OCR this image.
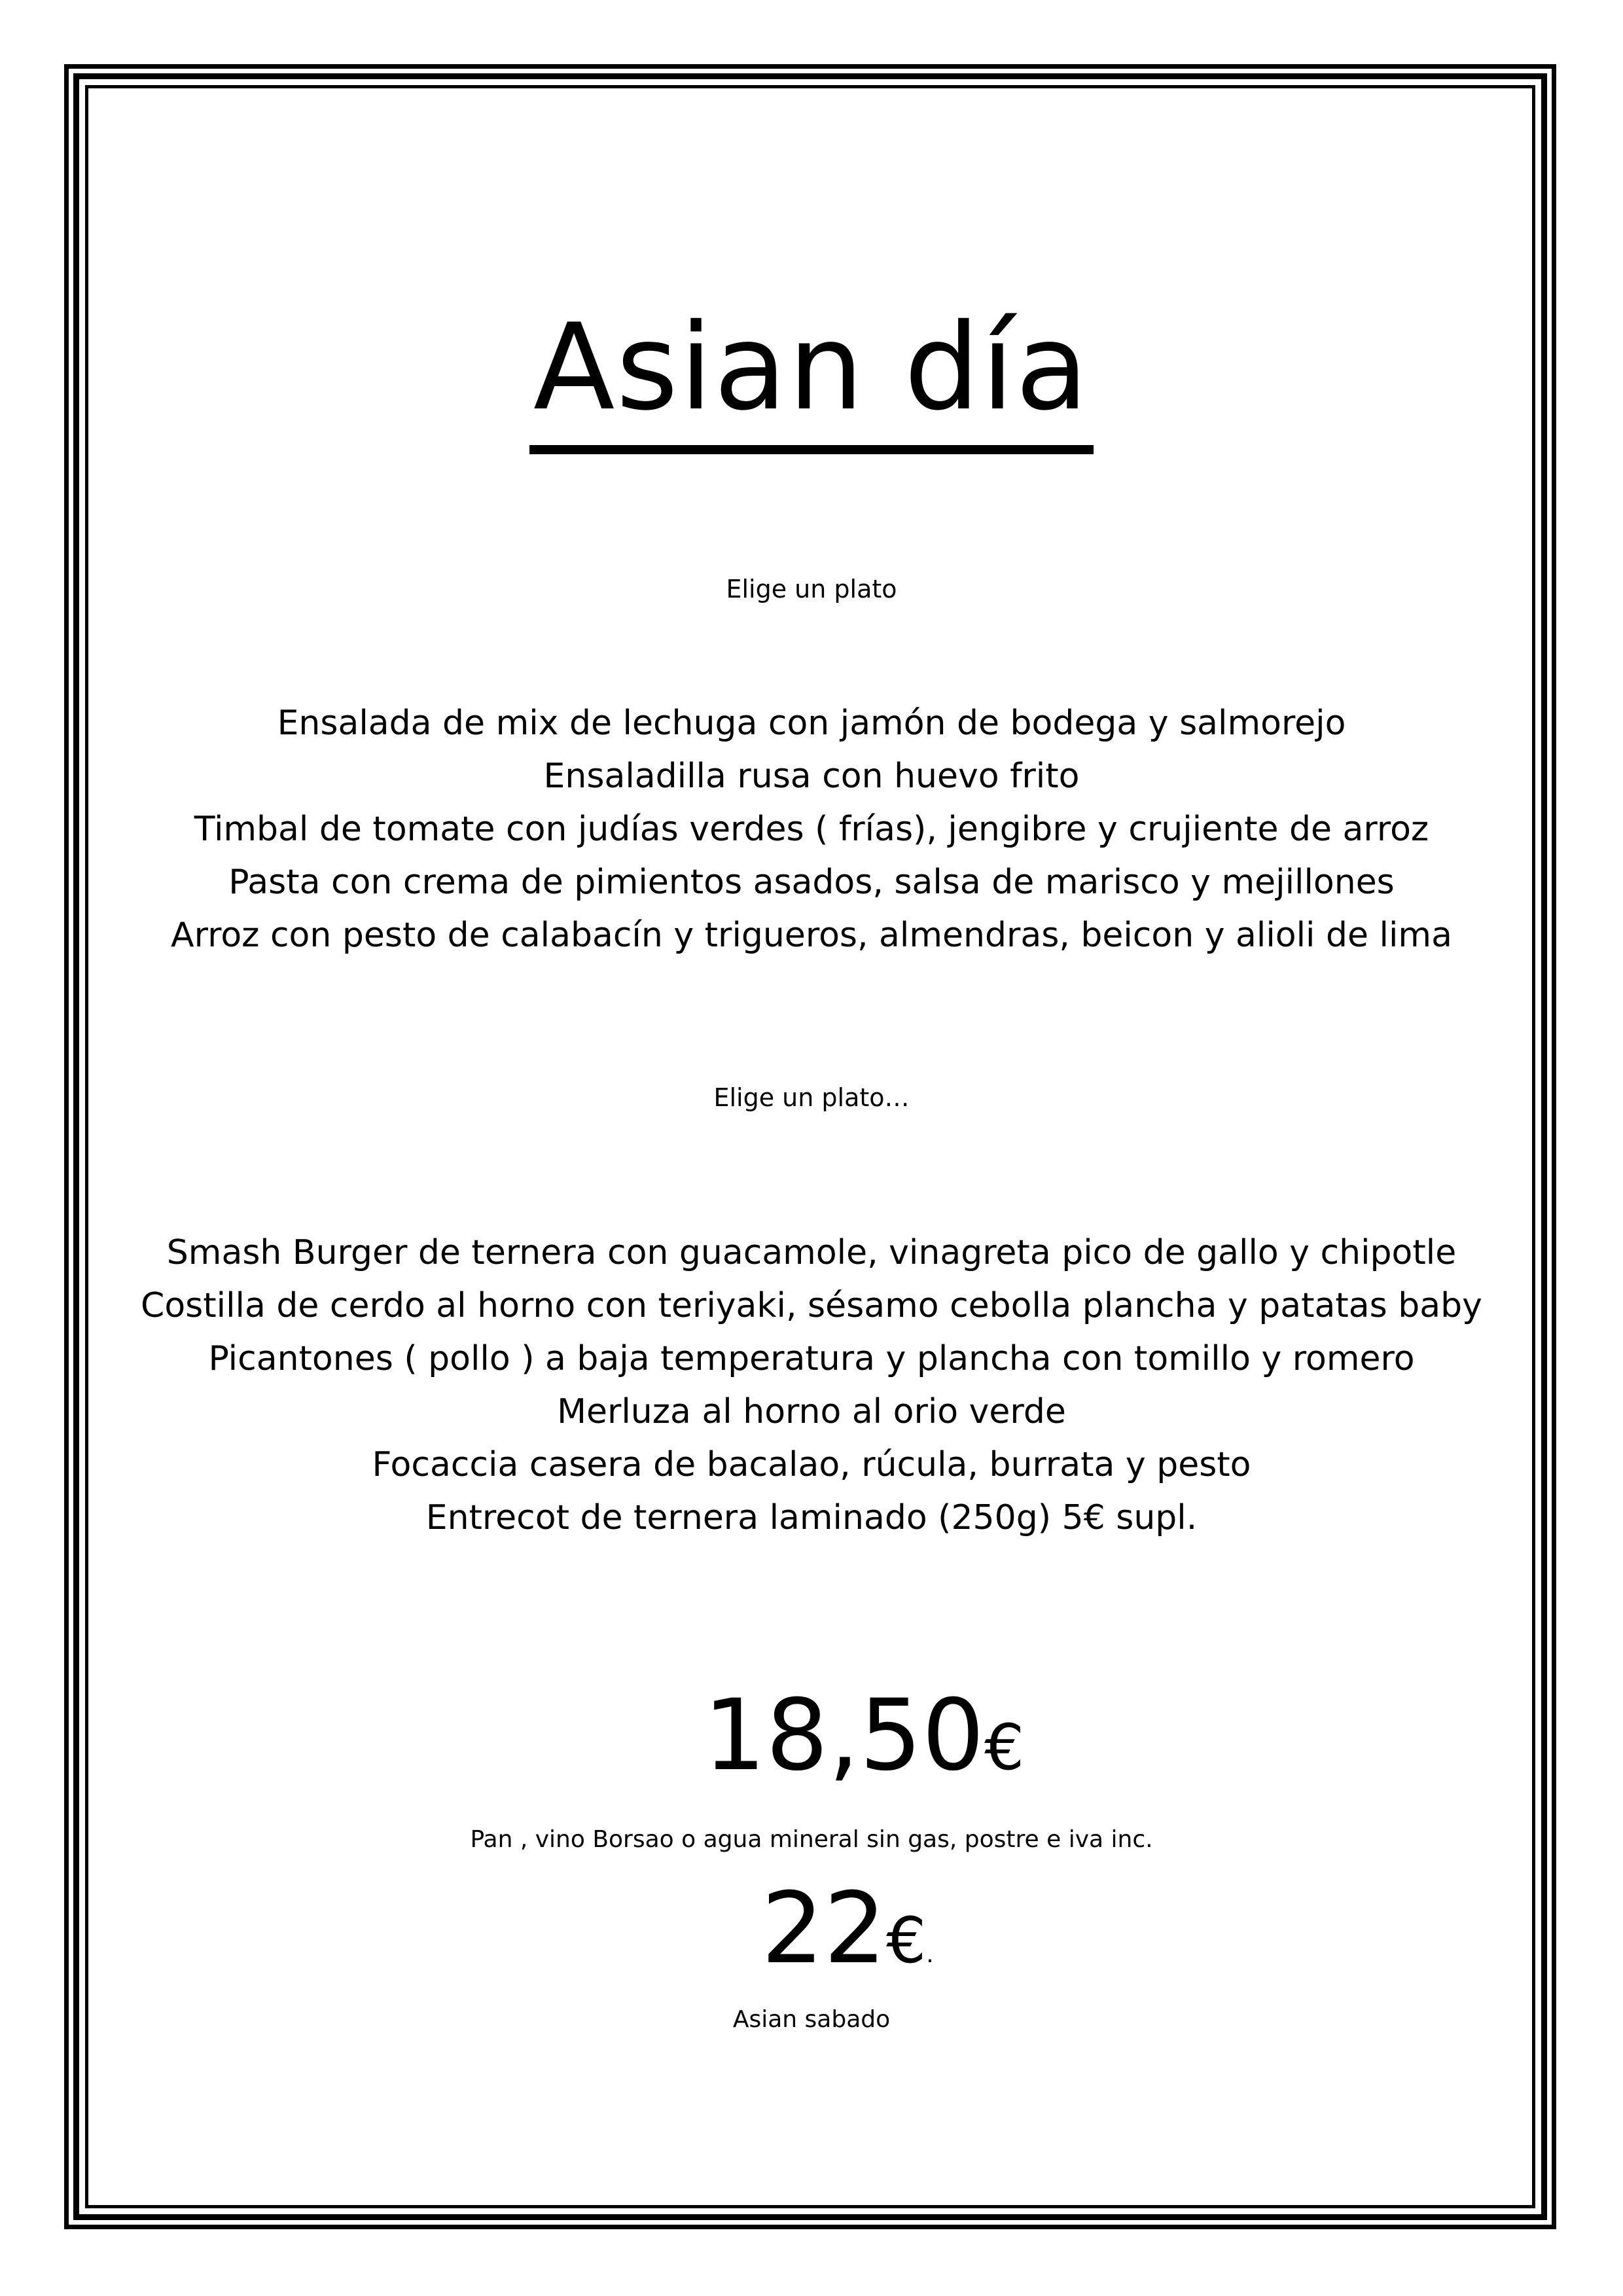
Asian día

Elige un plato

Ensalada de mix de lechuga con jamón de bodega y salmorejo

Ensaladilla rusa con huevo frito

Timbal de tomate con judías verdes ( frías), jengibre y crujiente de arroz

Pasta con crema de pimientos asados, salsa de marisco y mejillones

Arroz con pesto de calabacín y trigueros, almendras, beicon y alioli de lima

Elige un plato…

Smash Burger de ternera con guacamole, vinagreta pico de gallo y chipotle

Costilla de cerdo al horno con teriyaki, sésamo cebolla plancha y patatas baby

Picantones ( pollo ) a baja temperatura y plancha con tomillo y romero

Merluza al horno al orio verde

Focaccia casera de bacalao, rúcula, burrata y pesto

Entrecot de ternera laminado (250g) 5€ supl.

18,50€

Pan , vino Borsao o agua mineral sin gas, postre e iva inc.

22€.

Asian sabado
